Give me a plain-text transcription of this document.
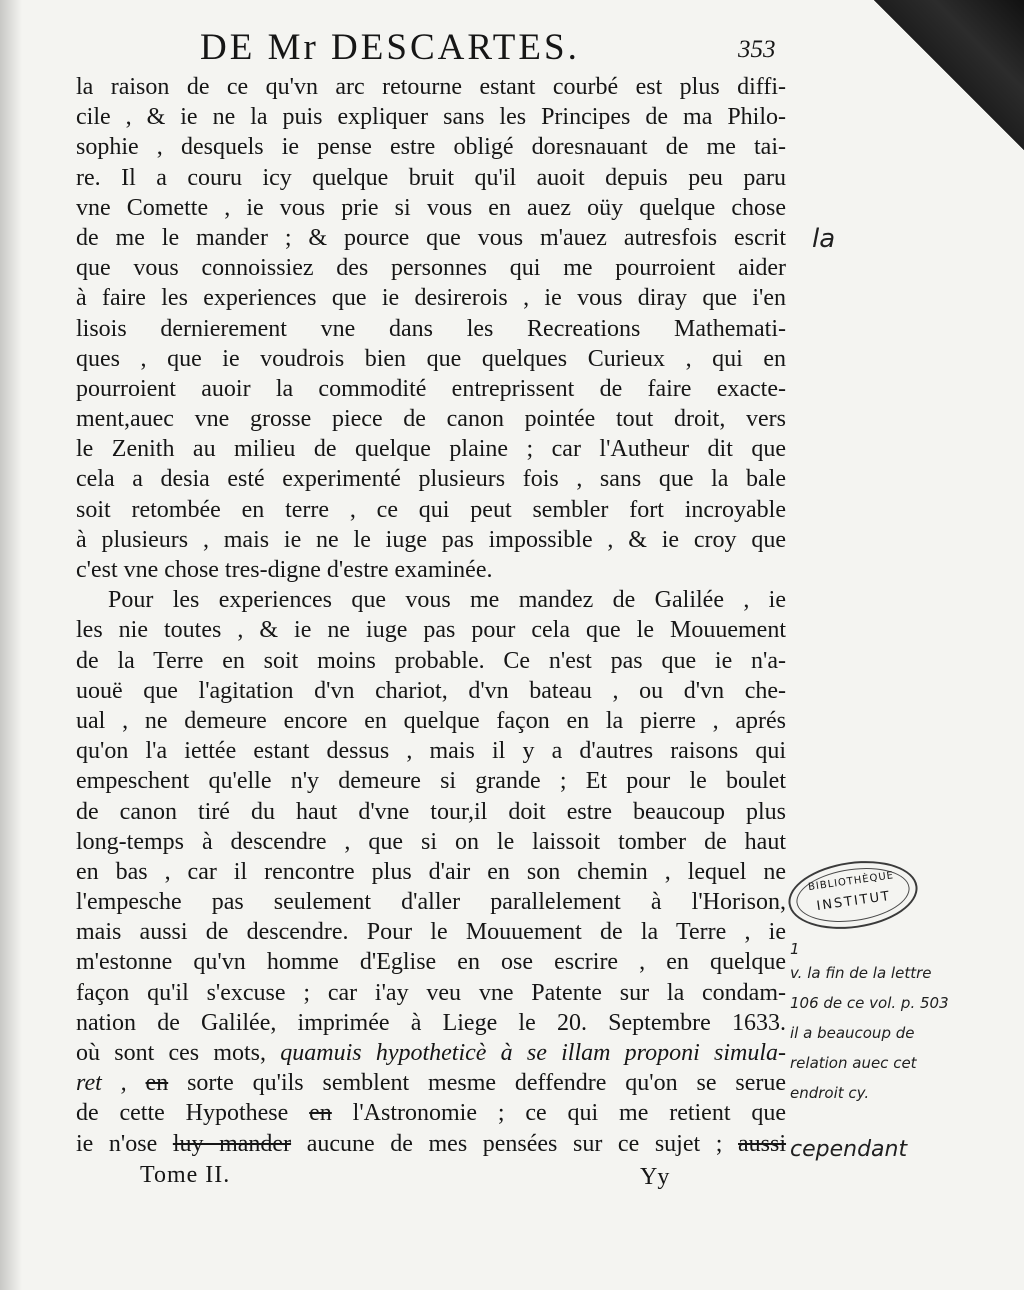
DE Mr DESCARTES.	353
la raison de ce qu'vn arc retourne estant courbé est plus diffi-
cile , & ie ne la puis expliquer sans les Principes de ma Philo-
sophie , desquels ie pense estre obligé doresnauant de me tai-
re. Il a couru icy quelque bruit qu'il auoit depuis peu paru
vne Comette , ie vous prie si vous en auez oüy quelque chose
de me le mander ; & pource que vous m'auez autresfois escrit
que vous connoissiez des personnes qui me pourroient aider
à faire les experiences que ie desirerois , ie vous diray que i'en
lisois dernierement vne dans les Recreations Mathemati-
ques , que ie voudrois bien que quelques Curieux , qui en
pourroient auoir la commodité entreprissent de faire exacte-
ment,auec vne grosse piece de canon pointée tout droit, vers
le Zenith au milieu de quelque plaine ; car l'Autheur dit que
cela a desia esté experimenté plusieurs fois , sans que la bale
soit retombée en terre , ce qui peut sembler fort incroyable
à plusieurs , mais ie ne le iuge pas impossible , & ie croy que
c'est vne chose tres-digne d'estre examinée.
Pour les experiences que vous me mandez de Galilée , ie
les nie toutes , & ie ne iuge pas pour cela que le Mouuement
de la Terre en soit moins probable. Ce n'est pas que ie n'a-
uouë que l'agitation d'vn chariot, d'vn bateau , ou d'vn che-
ual , ne demeure encore en quelque façon en la pierre , aprés
qu'on l'a iettée estant dessus , mais il y a d'autres raisons qui
empeschent qu'elle n'y demeure si grande ; Et pour le boulet
de canon tiré du haut d'vne tour,il doit estre beaucoup plus
long-temps à descendre , que si on le laissoit tomber de haut
en bas , car il rencontre plus d'air en son chemin , lequel ne
l'empesche pas seulement d'aller parallelement à l'Horison,
mais aussi de descendre. Pour le Mouuement de la Terre , ie
m'estonne qu'vn homme d'Eglise en ose escrire , en quelque
façon qu'il s'excuse ; car i'ay veu vne Patente sur la condam-
nation de Galilée, imprimée à Liege le 20. Septembre 1633.
où sont ces mots, quamuis hypotheticè à se illam proponi simula-
ret , en sorte qu'ils semblent mesme deffendre qu'on se serue
de cette Hypothese en l'Astronomie ; ce qui me retient que
ie n'ose luy mander aucune de mes pensées sur ce sujet ; aussi
Tome II.	Yy
la
BIBLIOTHÈQUE
INSTITUT
1
v. la fin de la lettre
106 de ce vol. p. 503
il a beaucoup de
relation auec cet
endroit cy.
cependant
